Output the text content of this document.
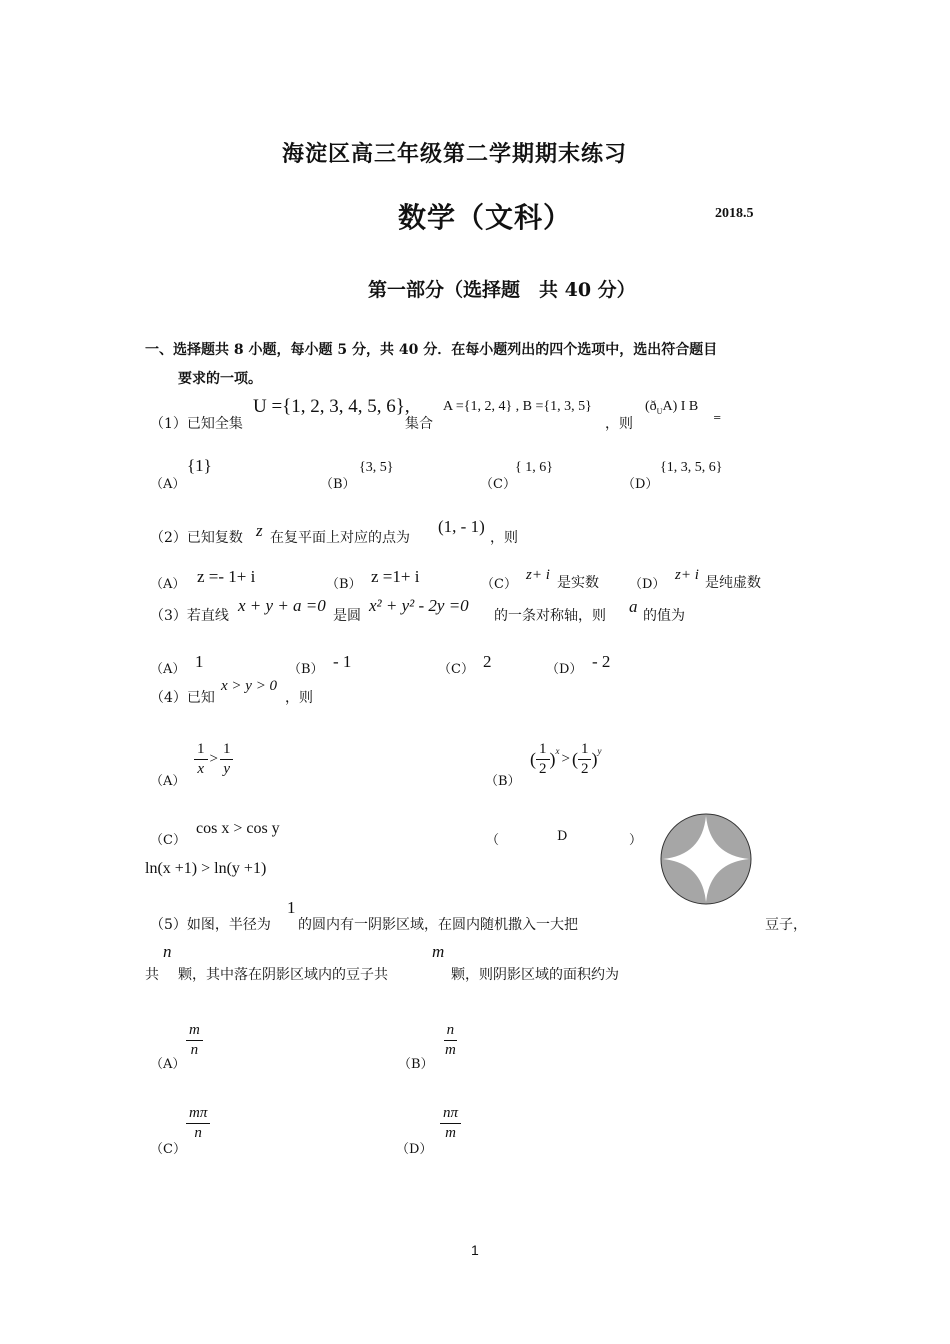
海淀区高三年级第二学期期末练习
数学（文科）	2018.5
第一部分（选择题　共 40 分）
一、选择题共 8 小题，每小题 5 分，共 40 分．在每小题列出的四个选项中，选出符合题目
要求的一项。
（1）已知全集
U ={1, 2, 3, 4, 5, 6},
集合
A ={1, 2, 4} , B ={1, 3, 5}
，则
$(ð_UA)$ I B
=
（A）
{1}
（B）
{3, 5}
（C）
{ 1, 6}
（D）
{1, 3, 5, 6}
（2）已知复数 z 在复平面上对应的点为
(1, - 1)
，则
（A） z =- 1+ i	（B） z =1+ i	（C）
z+ i 是实数 （D）
z+ i 是纯虚数
（3）若直线
x + y + a =0
是圆
x² + y² - 2y =0
的一条对称轴，则 a 的值为
（A） 1	（B） - 1	（C） 2	（D） - 2
（4）已知
x > y > 0
，则
（A）
$\frac{1}{x} > \frac{1}{y}$
（B）
( $\frac{1}{2} )^x$ > ( $\frac{1}{2} )^y$
（C）
cos x > cos y
（	D	）
ln(x +1) > ln(y +1)
（5）如图，半径为
1
的圆内有一阴影区域，在圆内随机撒入一大把	豆子，
n	m
共 颗，其中落在阴影区域内的豆子共	颗，则阴影区域的面积约为
（A）
$\frac{m}{n}$
（B）
$\frac{n}{m}$
（C）
$\frac{m\pi}{n}$
（D）
$\frac{n\pi}{m}$
1
